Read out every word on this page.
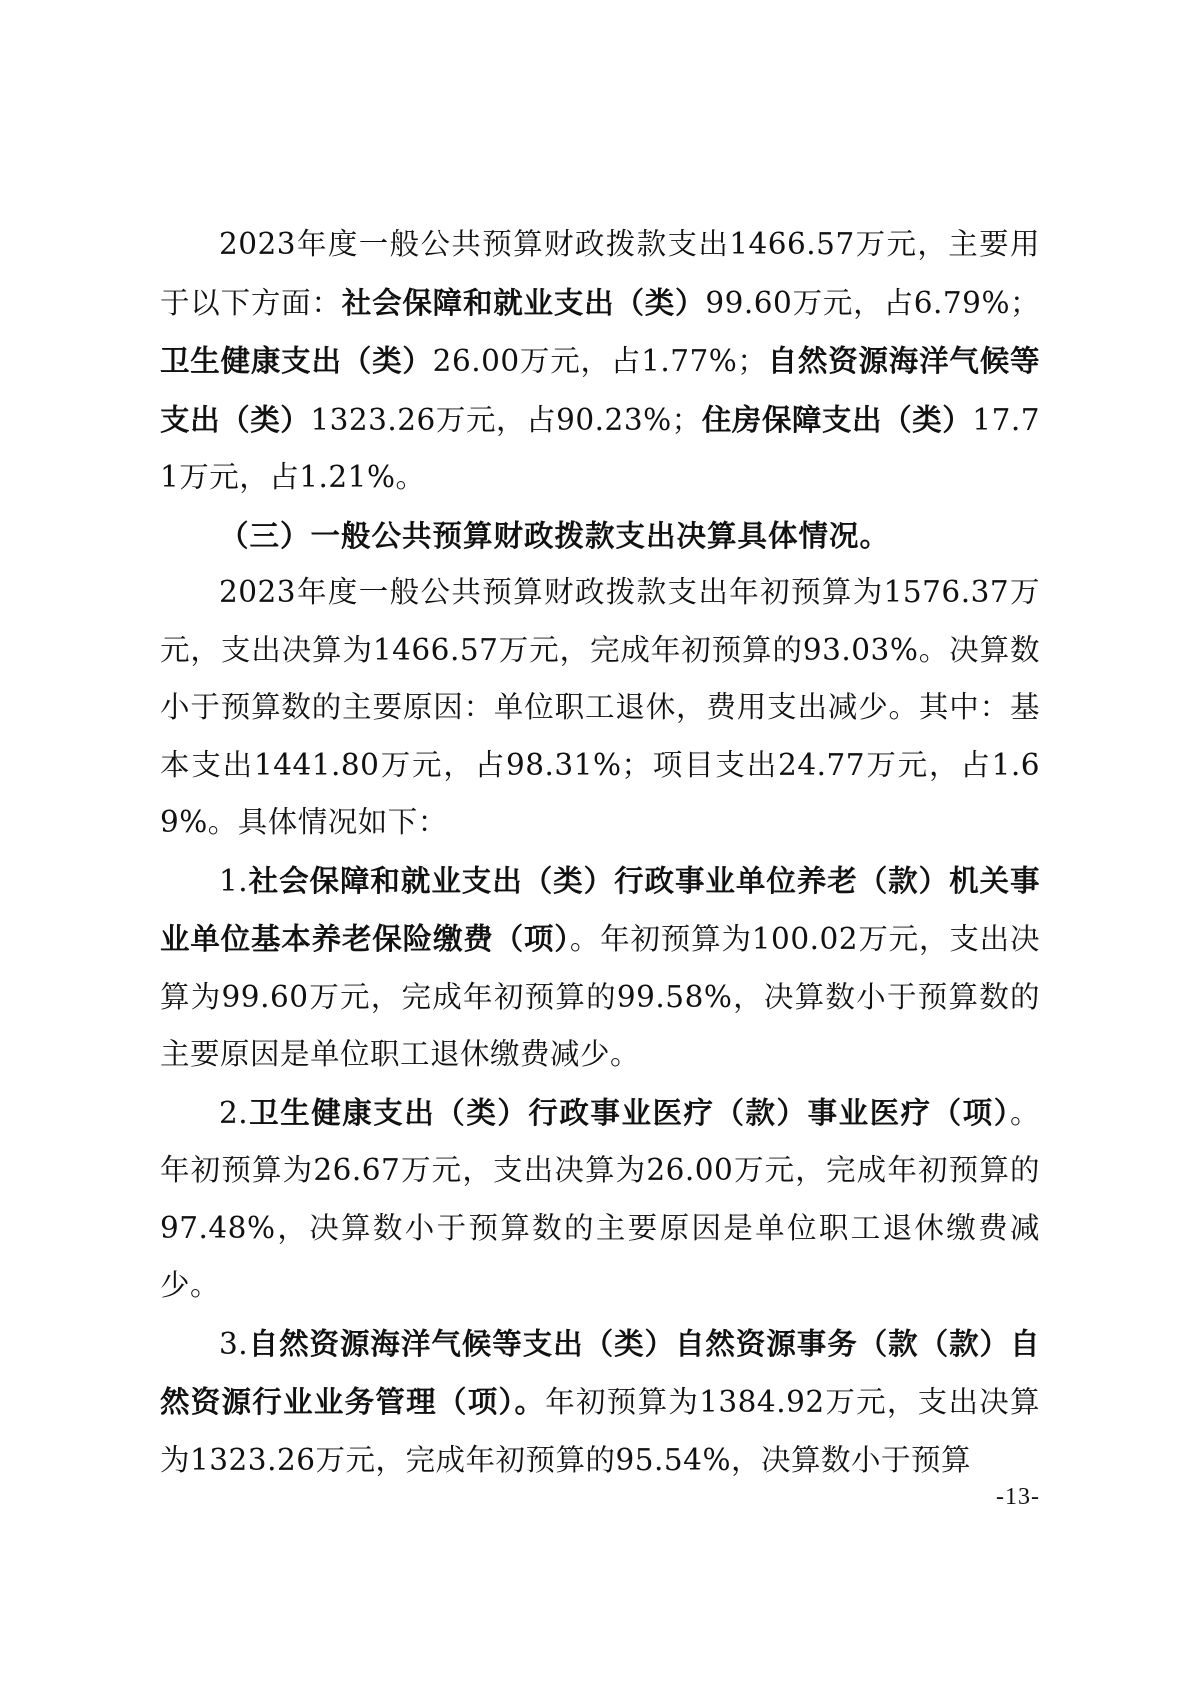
2023年度一般公共预算财政拨款支出1466.57万元，主要用于以下方面：社会保障和就业支出（类）99.60万元，占6.79%；卫生健康支出（类）26.00万元，占1.77%；自然资源海洋气候等支出（类）1323.26万元，占90.23%；住房保障支出（类）17.71万元，占1.21%。

（三）一般公共预算财政拨款支出决算具体情况。

2023年度一般公共预算财政拨款支出年初预算为1576.37万元，支出决算为1466.57万元，完成年初预算的93.03%。决算数小于预算数的主要原因：单位职工退休，费用支出减少。其中：基本支出1441.80万元，占98.31%；项目支出24.77万元，占1.69%。具体情况如下：

1.社会保障和就业支出（类）行政事业单位养老（款）机关事业单位基本养老保险缴费（项）。年初预算为100.02万元，支出决算为99.60万元，完成年初预算的99.58%，决算数小于预算数的主要原因是单位职工退休缴费减少。

2.卫生健康支出（类）行政事业医疗（款）事业医疗（项）。年初预算为26.67万元，支出决算为26.00万元，完成年初预算的97.48%，决算数小于预算数的主要原因是单位职工退休缴费减少。

3.自然资源海洋气候等支出（类）自然资源事务（款（款）自然资源行业业务管理（项）。年初预算为1384.92万元，支出决算为1323.26万元，完成年初预算的95.54%，决算数小于预算

-13-
